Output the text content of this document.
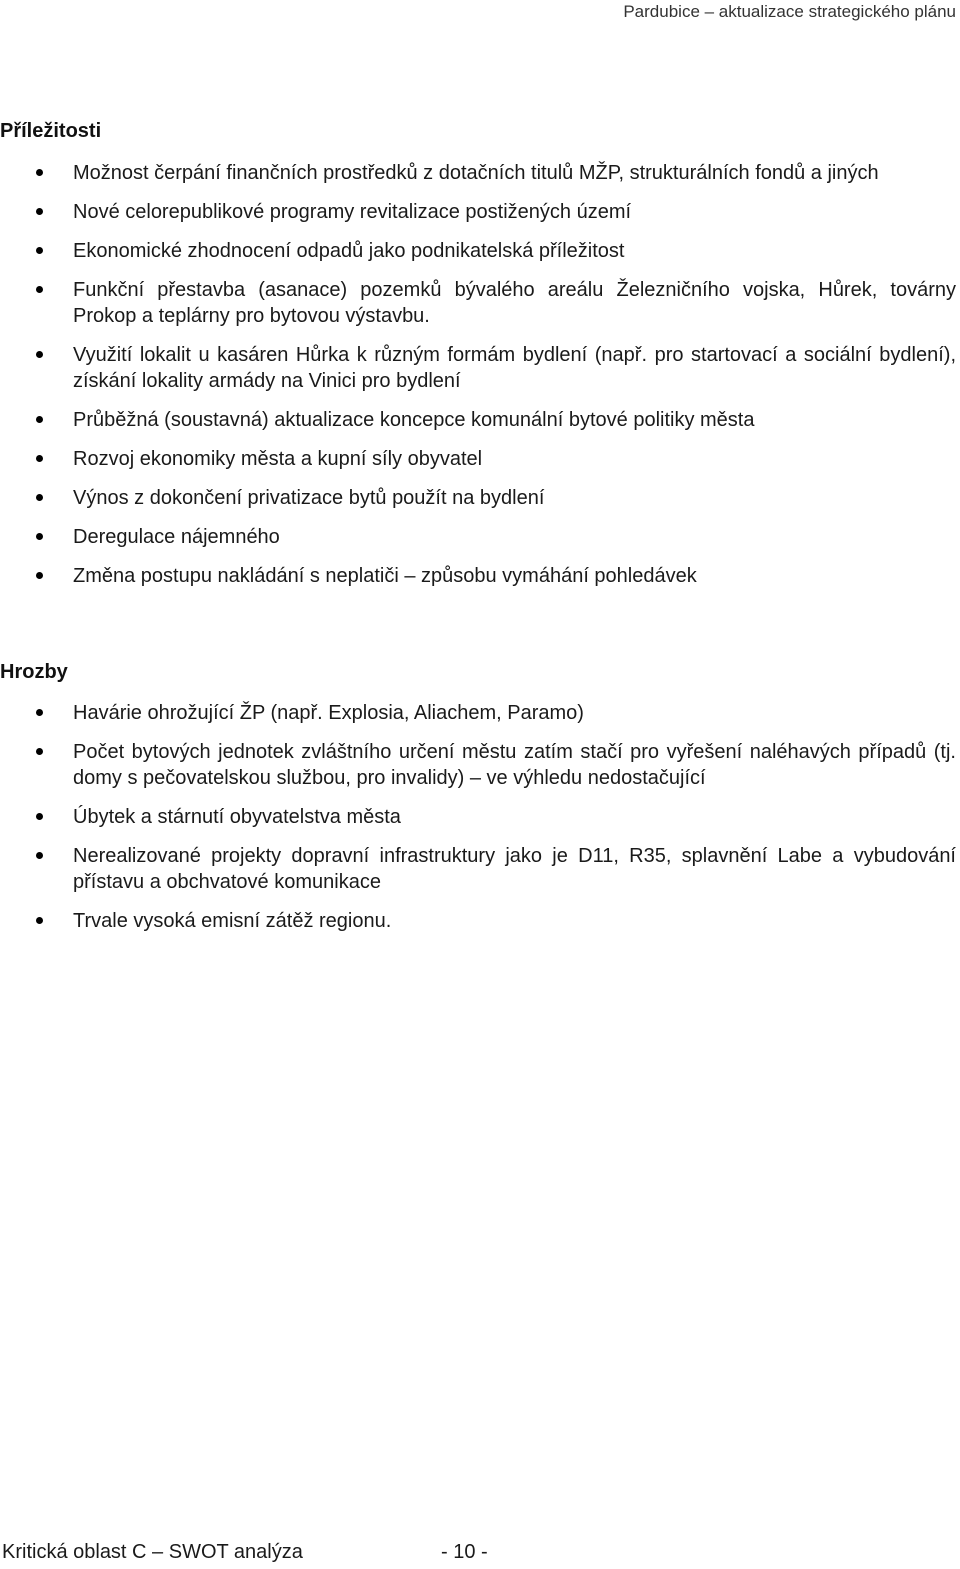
Pardubice – aktualizace strategického plánu
Příležitosti
Možnost čerpání finančních prostředků z dotačních titulů MŽP, strukturálních fondů a jiných
Nové celorepublikové programy revitalizace postižených území
Ekonomické zhodnocení odpadů jako podnikatelská příležitost
Funkční přestavba (asanace) pozemků bývalého areálu Železničního vojska, Hůrek, továrny Prokop a teplárny pro bytovou výstavbu.
Využití lokalit u kasáren Hůrka k různým formám bydlení (např. pro startovací a sociální bydlení), získání lokality armády na Vinici pro bydlení
Průběžná (soustavná) aktualizace koncepce komunální bytové politiky města
Rozvoj ekonomiky města a kupní síly obyvatel
Výnos z dokončení privatizace bytů použít na bydlení
Deregulace nájemného
Změna postupu nakládání s neplatiči – způsobu vymáhání pohledávek
Hrozby
Havárie ohrožující ŽP (např. Explosia, Aliachem, Paramo)
Počet bytových jednotek zvláštního určení městu zatím stačí pro vyřešení naléhavých případů (tj. domy s pečovatelskou službou, pro invalidy) – ve výhledu nedostačující
Úbytek a stárnutí obyvatelstva města
Nerealizované projekty dopravní infrastruktury jako je D11, R35, splavnění Labe a vybudování přístavu a obchvatové komunikace
Trvale vysoká emisní zátěž regionu.
Kritická oblast C – SWOT analýza	- 10 -
